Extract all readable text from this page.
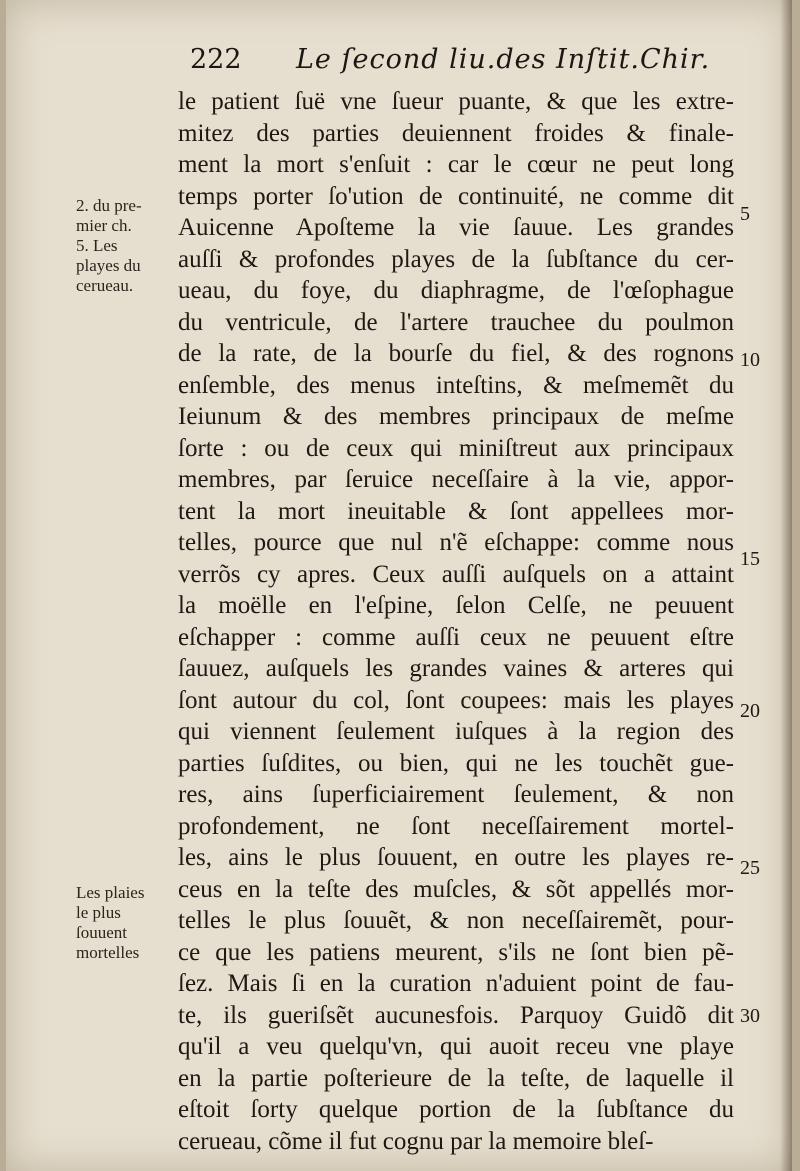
222 Le ſecond liu.des Inſtit.Chir.
2. du pre-
mier ch.
5. Les
playes du
cerueau.
Les plaies
le plus
ſouuent
mortelles
le patient ſuë vne ſueur puante, & que les extre-
mitez des parties deuiennent froides & finale-
ment la mort s'enſuit : car le cœur ne peut long
temps porter ſo'ution de continuité, ne comme dit
Auicenne Apoſteme la vie ſauue. Les grandes
auſſi & profondes playes de la ſubſtance du cer-
ueau, du foye, du diaphragme, de l'œſophague
du ventricule, de l'artere trauchee du poulmon
de la rate, de la bourſe du fiel, & des rognons
enſemble, des menus inteſtins, & meſmemẽt du
Ieiunum & des membres principaux de meſme
ſorte : ou de ceux qui miniſtreut aux principaux
membres, par ſeruice neceſſaire à la vie, appor-
tent la mort ineuitable & ſont appellees mor-
telles, pource que nul n'ẽ eſchappe: comme nous
verrõs cy apres. Ceux auſſi auſquels on a attaint
la moëlle en l'eſpine, ſelon Celſe, ne peuuent
eſchapper : comme auſſi ceux ne peuuent eſtre
ſauuez, auſquels les grandes vaines & arteres qui
ſont autour du col, ſont coupees: mais les playes
qui viennent ſeulement iuſques à la region des
parties ſuſdites, ou bien, qui ne les touchẽt gue-
res, ains ſuperficiairement ſeulement, & non
profondement, ne ſont neceſſairement mortel-
les, ains le plus ſouuent, en outre les playes re-
ceus en la teſte des muſcles, & sõt appellés mor-
telles le plus ſouuẽt, & non neceſſairemẽt, pour-
ce que les patiens meurent, s'ils ne ſont bien pẽ-
ſez. Mais ſi en la curation n'aduient point de fau-
te, ils gueriſsẽt aucunesfois. Parquoy Guidõ dit
qu'il a veu quelqu'vn, qui auoit receu vne playe
en la partie poſterieure de la teſte, de laquelle il
eſtoit ſorty quelque portion de la ſubſtance du
cerueau, cõme il fut cognu par la memoire bleſ-
5
10
15
20
25
30
